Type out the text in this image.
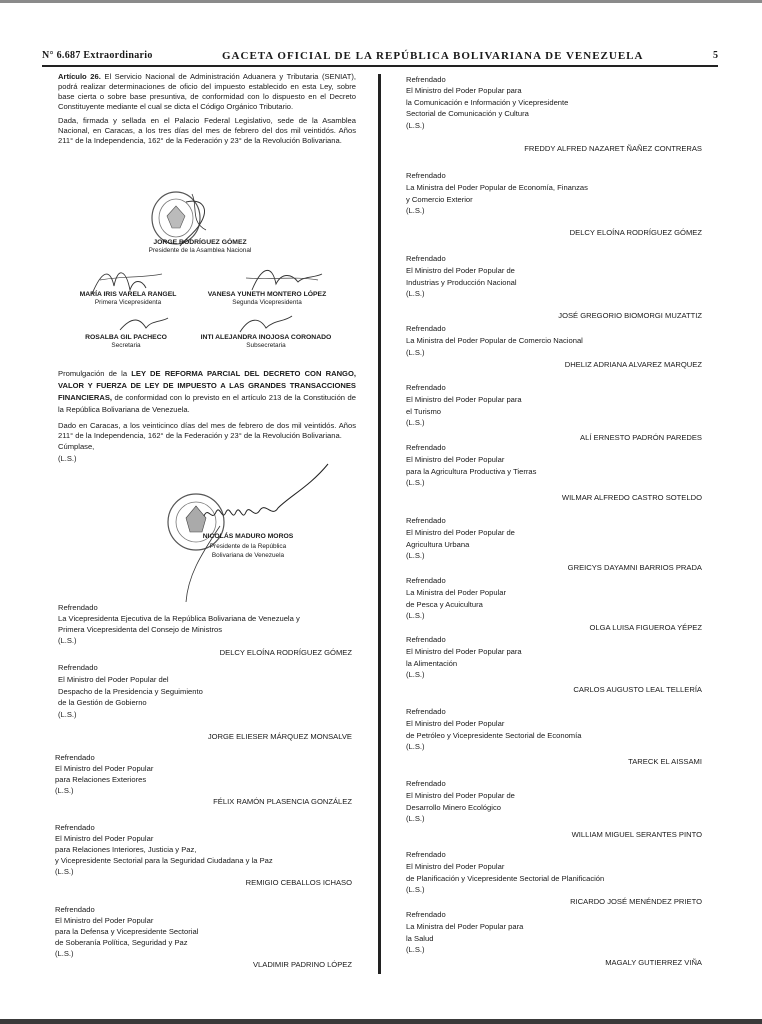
N° 6.687 Extraordinario	GACETA OFICIAL DE LA REPÚBLICA BOLIVARIANA DE VENEZUELA	5

Artículo 26. El Servicio Nacional de Administración Aduanera y Tributaria (SENIAT), podrá realizar determinaciones de oficio del impuesto establecido en esta Ley, sobre base cierta o sobre base presuntiva, de conformidad con lo dispuesto en el Decreto Constituyente mediante el cual se dicta el Código Orgánico Tributario.

Dada, firmada y sellada en el Palacio Federal Legislativo, sede de la Asamblea Nacional, en Caracas, a los tres días del mes de febrero del dos mil veintidós. Años 211° de la Independencia, 162° de la Federación y 23° de la Revolución Bolivariana.

JORGE RODRÍGUEZ GÓMEZ
Presidente de la Asamblea Nacional
MARÍA IRIS VARELA RANGEL
Primera Vicepresidenta
VANESA YUNETH MONTERO LÓPEZ
Segunda Vicepresidenta
ROSALBA GIL PACHECO
Secretaria
INTI ALEJANDRA INOJOSA CORONADO
Subsecretaria

Promulgación de la LEY DE REFORMA PARCIAL DEL DECRETO CON RANGO, VALOR Y FUERZA DE LEY DE IMPUESTO A LAS GRANDES TRANSACCIONES FINANCIERAS, de conformidad con lo previsto en el artículo 213 de la Constitución de la República Bolivariana de Venezuela.

Dado en Caracas, a los veinticinco días del mes de febrero de dos mil veintidós. Años 211° de la Independencia, 162° de la Federación y 23° de la Revolución Bolivariana.

Cúmplase,
(L.S.)
NICOLÁS MADURO MOROS
Presidente de la República
Bolivariana de Venezuela
Refrendado
La Vicepresidenta Ejecutiva de la República Bolivariana de Venezuela y
Primera Vicepresidenta del Consejo de Ministros
(L.S.)
DELCY ELOÍNA RODRÍGUEZ GÓMEZ
Refrendado
El Ministro del Poder Popular del
Despacho de la Presidencia y Seguimiento
de la Gestión de Gobierno
(L.S.)
JORGE ELIESER MÁRQUEZ MONSALVE
Refrendado
El Ministro del Poder Popular
para Relaciones Exteriores
(L.S.)
FÉLIX RAMÓN PLASENCIA GONZÁLEZ
Refrendado
El Ministro del Poder Popular
para Relaciones Interiores, Justicia y Paz,
y Vicepresidente Sectorial para la Seguridad Ciudadana y la Paz
(L.S.)
REMIGIO CEBALLOS ICHASO
Refrendado
El Ministro del Poder Popular
para la Defensa y Vicepresidente Sectorial
de Soberanía Política, Seguridad y Paz
(L.S.)
VLADIMIR PADRINO LÓPEZ
Refrendado
El Ministro del Poder Popular para
la Comunicación e Información y Vicepresidente
Sectorial de Comunicación y Cultura
(L.S.)
FREDDY ALFRED NAZARET ÑAÑEZ CONTRERAS
Refrendado
La Ministra del Poder Popular de Economía, Finanzas
y Comercio Exterior
(L.S.)
DELCY ELOÍNA RODRÍGUEZ GÓMEZ
Refrendado
El Ministro del Poder Popular de
Industrias y Producción Nacional
(L.S.)
JOSÉ GREGORIO BIOMORGI MUZATTIZ
Refrendado
La Ministra del Poder Popular de Comercio Nacional
(L.S.)
DHELIZ ADRIANA ALVAREZ MARQUEZ
Refrendado
El Ministro del Poder Popular para
el Turismo
(L.S.)
ALÍ ERNESTO PADRÓN PAREDES
Refrendado
El Ministro del Poder Popular
para la Agricultura Productiva y Tierras
(L.S.)
WILMAR ALFREDO CASTRO SOTELDO
Refrendado
El Ministro del Poder Popular de
Agricultura Urbana
(L.S.)
GREICYS DAYAMNI BARRIOS PRADA
Refrendado
La Ministra del Poder Popular
de Pesca y Acuicultura
(L.S.)
OLGA LUISA FIGUEROA YÉPEZ
Refrendado
El Ministro del Poder Popular para
la Alimentación
(L.S.)
CARLOS AUGUSTO LEAL TELLERÍA
Refrendado
El Ministro del Poder Popular
de Petróleo y Vicepresidente Sectorial de Economía
(L.S.)
TARECK EL AISSAMI
Refrendado
El Ministro del Poder Popular de
Desarrollo Minero Ecológico
(L.S.)
WILLIAM MIGUEL SERANTES PINTO
Refrendado
El Ministro del Poder Popular
de Planificación y Vicepresidente Sectorial de Planificación
(L.S.)
RICARDO JOSÉ MENÉNDEZ PRIETO
Refrendado
La Ministra del Poder Popular para
la Salud
(L.S.)
MAGALY GUTIERREZ VIÑA
